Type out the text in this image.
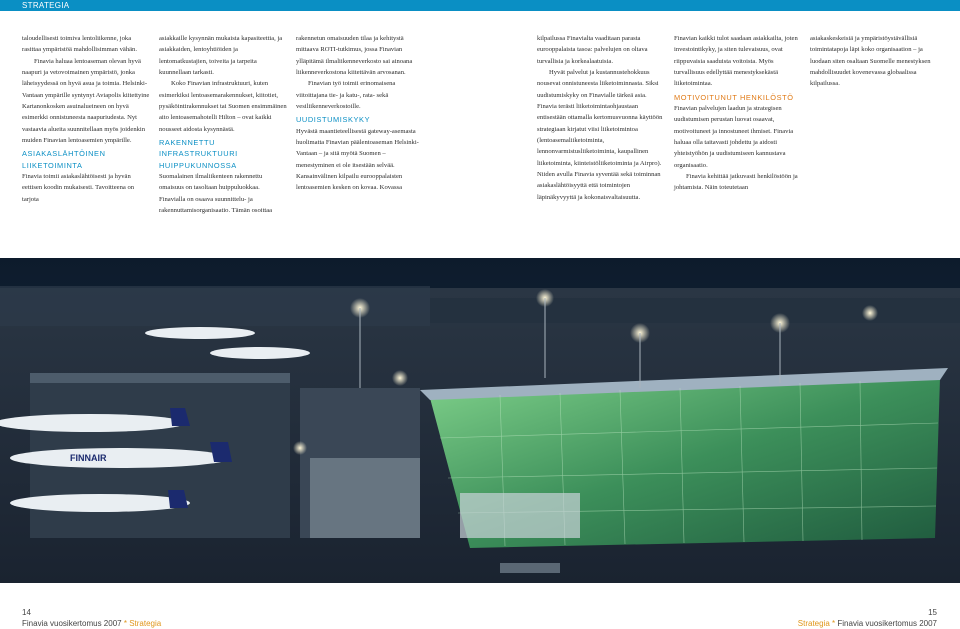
STRATEGIA

taloudellisesti toimiva lentoliikenne, joka rasittaa ympäristöä mahdollisimman vähän.

Finavia haluaa lentoaseman olevan hyvä naapuri ja vetovoimainen ympäristö, jonka läheisyydessä on hyvä asua ja toimia. Helsinki-Vantaan ympärille syntynyt Aviapolis kiitettyine Kartanonkosken asuinalueineen on hyvä esimerkki onnistuneesta naapuriudesta. Nyt vastaavia alueita suunnitellaan myös joidenkin muiden Finavian lentoasemien ympärille.

ASIAKASLÄHTÖINEN LIIKETOIMINTA

Finavia toimii asiakaslähtöisesti ja hyvän eettisen koodin mukaisesti. Tavoitteena on tarjota

asiakkaille kysynnän mukaista kapasiteettia, ja asiakkaiden, lentoyhtiöiden ja lentomatkustajien, toiveita ja tarpeita kuunnellaan tarkasti.

Koko Finavian infrastruktuuri, kuten esimerkiksi lentoasemarakennukset, kiitotiet, pysäköintirakennukset tai Suomen ensimmäinen aito lentoasemahotelli Hilton – ovat kaikki nousseet aidosta kysynnästä.

RAKENNETTU INFRASTRUKTUURI HUIPPUKUNNOSSA

Suomalainen ilmaliikenteen rakennettu omaisuus on tasoltaan huippuluokkaa. Finavialla on osaava suunnittelu- ja rakennuttamisorganisaatio. Tämän osoittaa

rakennetun omaisuuden tilaa ja kehitystä mittaava ROTI-tutkimus, jossa Finavian ylläpitämä ilmaliikenneverkosto sai ainoana liikenneverkostona kiitettävän arvosanan.

Finavian työ toimii erinomaisena viitoittajana tie- ja katu-, rata- sekä vesiliikenneverkostoille.

UUDISTUMISKYKY

Hyvästä maantieteellisestä gateway-asemasta huolimatta Finavian päälentoaseman Helsinki-Vantaan – ja sitä myötä Suomen – menestyminen ei ole itsestään selvää. Kansainvälinen kilpailu eurooppalaisten lentoasemien kesken on kovaa. Kovassa

kilpailussa Finavialta vaaditaan parasta eurooppalaista tasoa: palvelujen on oltava turvallisia ja korkealaatuisia.

Hyvät palvelut ja kustannustehokkuus nousevat onnistuneesta liiketoiminnasta. Siksi uudistumiskyky on Finavialle tärkeä asia. Finavia terästi liiketoimintaohjaustaan entisestään ottamalla kertomusvuonna käyttöön strategiaan kirjatut viisi liiketoimintoa (lentoasemaliiketoiminta, lennonvarmistusliiketoiminta, kaupallinen liiketoiminta, kiinteistöliiketoiminta ja Airpro). Niiden avulla Finavia syventää sekä toiminnan asiakaslähtöisyyttä että toimintojen läpinäkyvyyttä ja kokonaisvaltaisuutta.

Finavian kaikki tulot saadaan asiakkailta, joten investointikyky, ja siten tulevaisuus, ovat riippuvaisia saaduista voitoista. Myös turvallisuus edellyttää menestyksekästä liiketoimintaa.

MOTIVOITUNUT HENKILÖSTÖ

Finavian palvelujen laadun ja strategisen uudistumisen perustan luovat osaavat, motivoituneet ja innostuneet ihmiset. Finavia haluaa olla taitavasti johdettu ja aidosti yhteistyöhön ja uudistumiseen kannustava organisaatio.

Finavia kehittää jatkuvasti henkilöstöön ja johtamista. Näin toteutetaan

asiakaskeskeisiä ja ympäristöystävällisiä toimintatapoja läpi koko organisaation – ja luodaan siten osaltaan Suomelle menestyksen mahdollisuudet kovenevassa globaalissa kilpailussa.

FINNAIR
14
Finavia vuosikertomus 2007 * Strategia
15
Strategia * Finavia vuosikertomus 2007
